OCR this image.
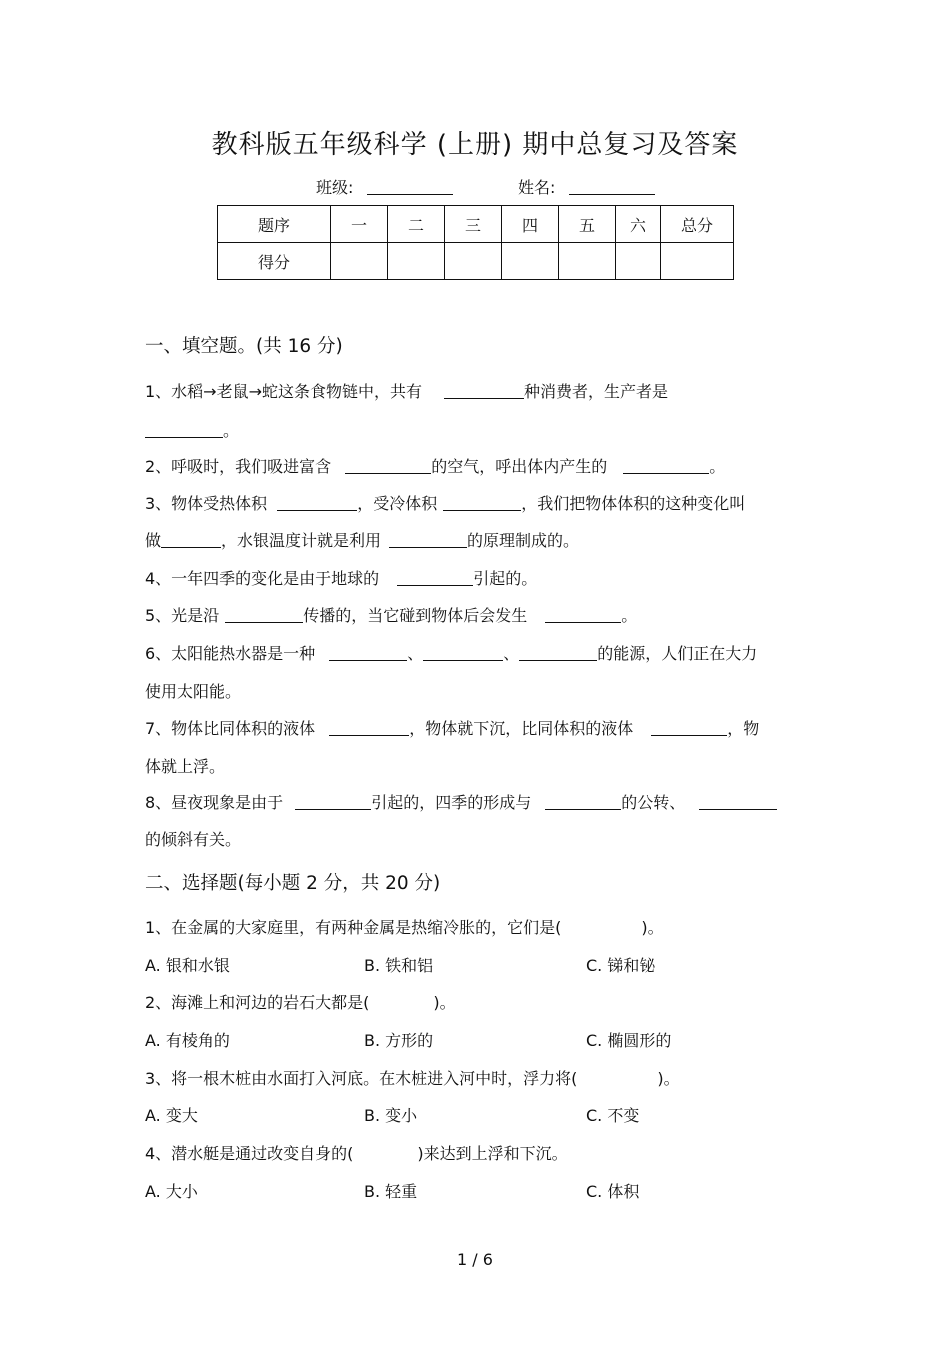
教科版五年级科学 (上册) 期中总复习及答案
班级:	姓名:
题序	一	二	三	四	五	六	总分
得分							
一、填空题。(共 16 分)
1、水稻→老鼠→蛇这条食物链中，共有	种消费者，生产者是
。
2、呼吸时，我们吸进富含	的空气，呼出体内产生的	。
3、物体受热体积	，受冷体积	，我们把物体体积的这种变化叫
做	，水银温度计就是利用	的原理制成的。
4、一年四季的变化是由于地球的	引起的。
5、光是沿	传播的，当它碰到物体后会发生	。
6、太阳能热水器是一种	、	、	的能源，人们正在大力
使用太阳能。
7、物体比同体积的液体	，物体就下沉，比同体积的液体	，物
体就上浮。
8、昼夜现象是由于	引起的，四季的形成与	的公转、
的倾斜有关。
二、选择题(每小题 2 分，共 20 分)
1、在金属的大家庭里，有两种金属是热缩冷胀的，它们是(　　　　　)。
A. 银和水银	B. 铁和铝	C. 锑和铋
2、海滩上和河边的岩石大都是(　　　　)。
A. 有棱角的	B. 方形的	C. 椭圆形的
3、将一根木桩由水面打入河底。在木桩进入河中时，浮力将(　　　　　)。
A. 变大	B. 变小	C. 不变
4、潜水艇是通过改变自身的(　　　　)来达到上浮和下沉。
A. 大小	B. 轻重	C. 体积
1 / 6
